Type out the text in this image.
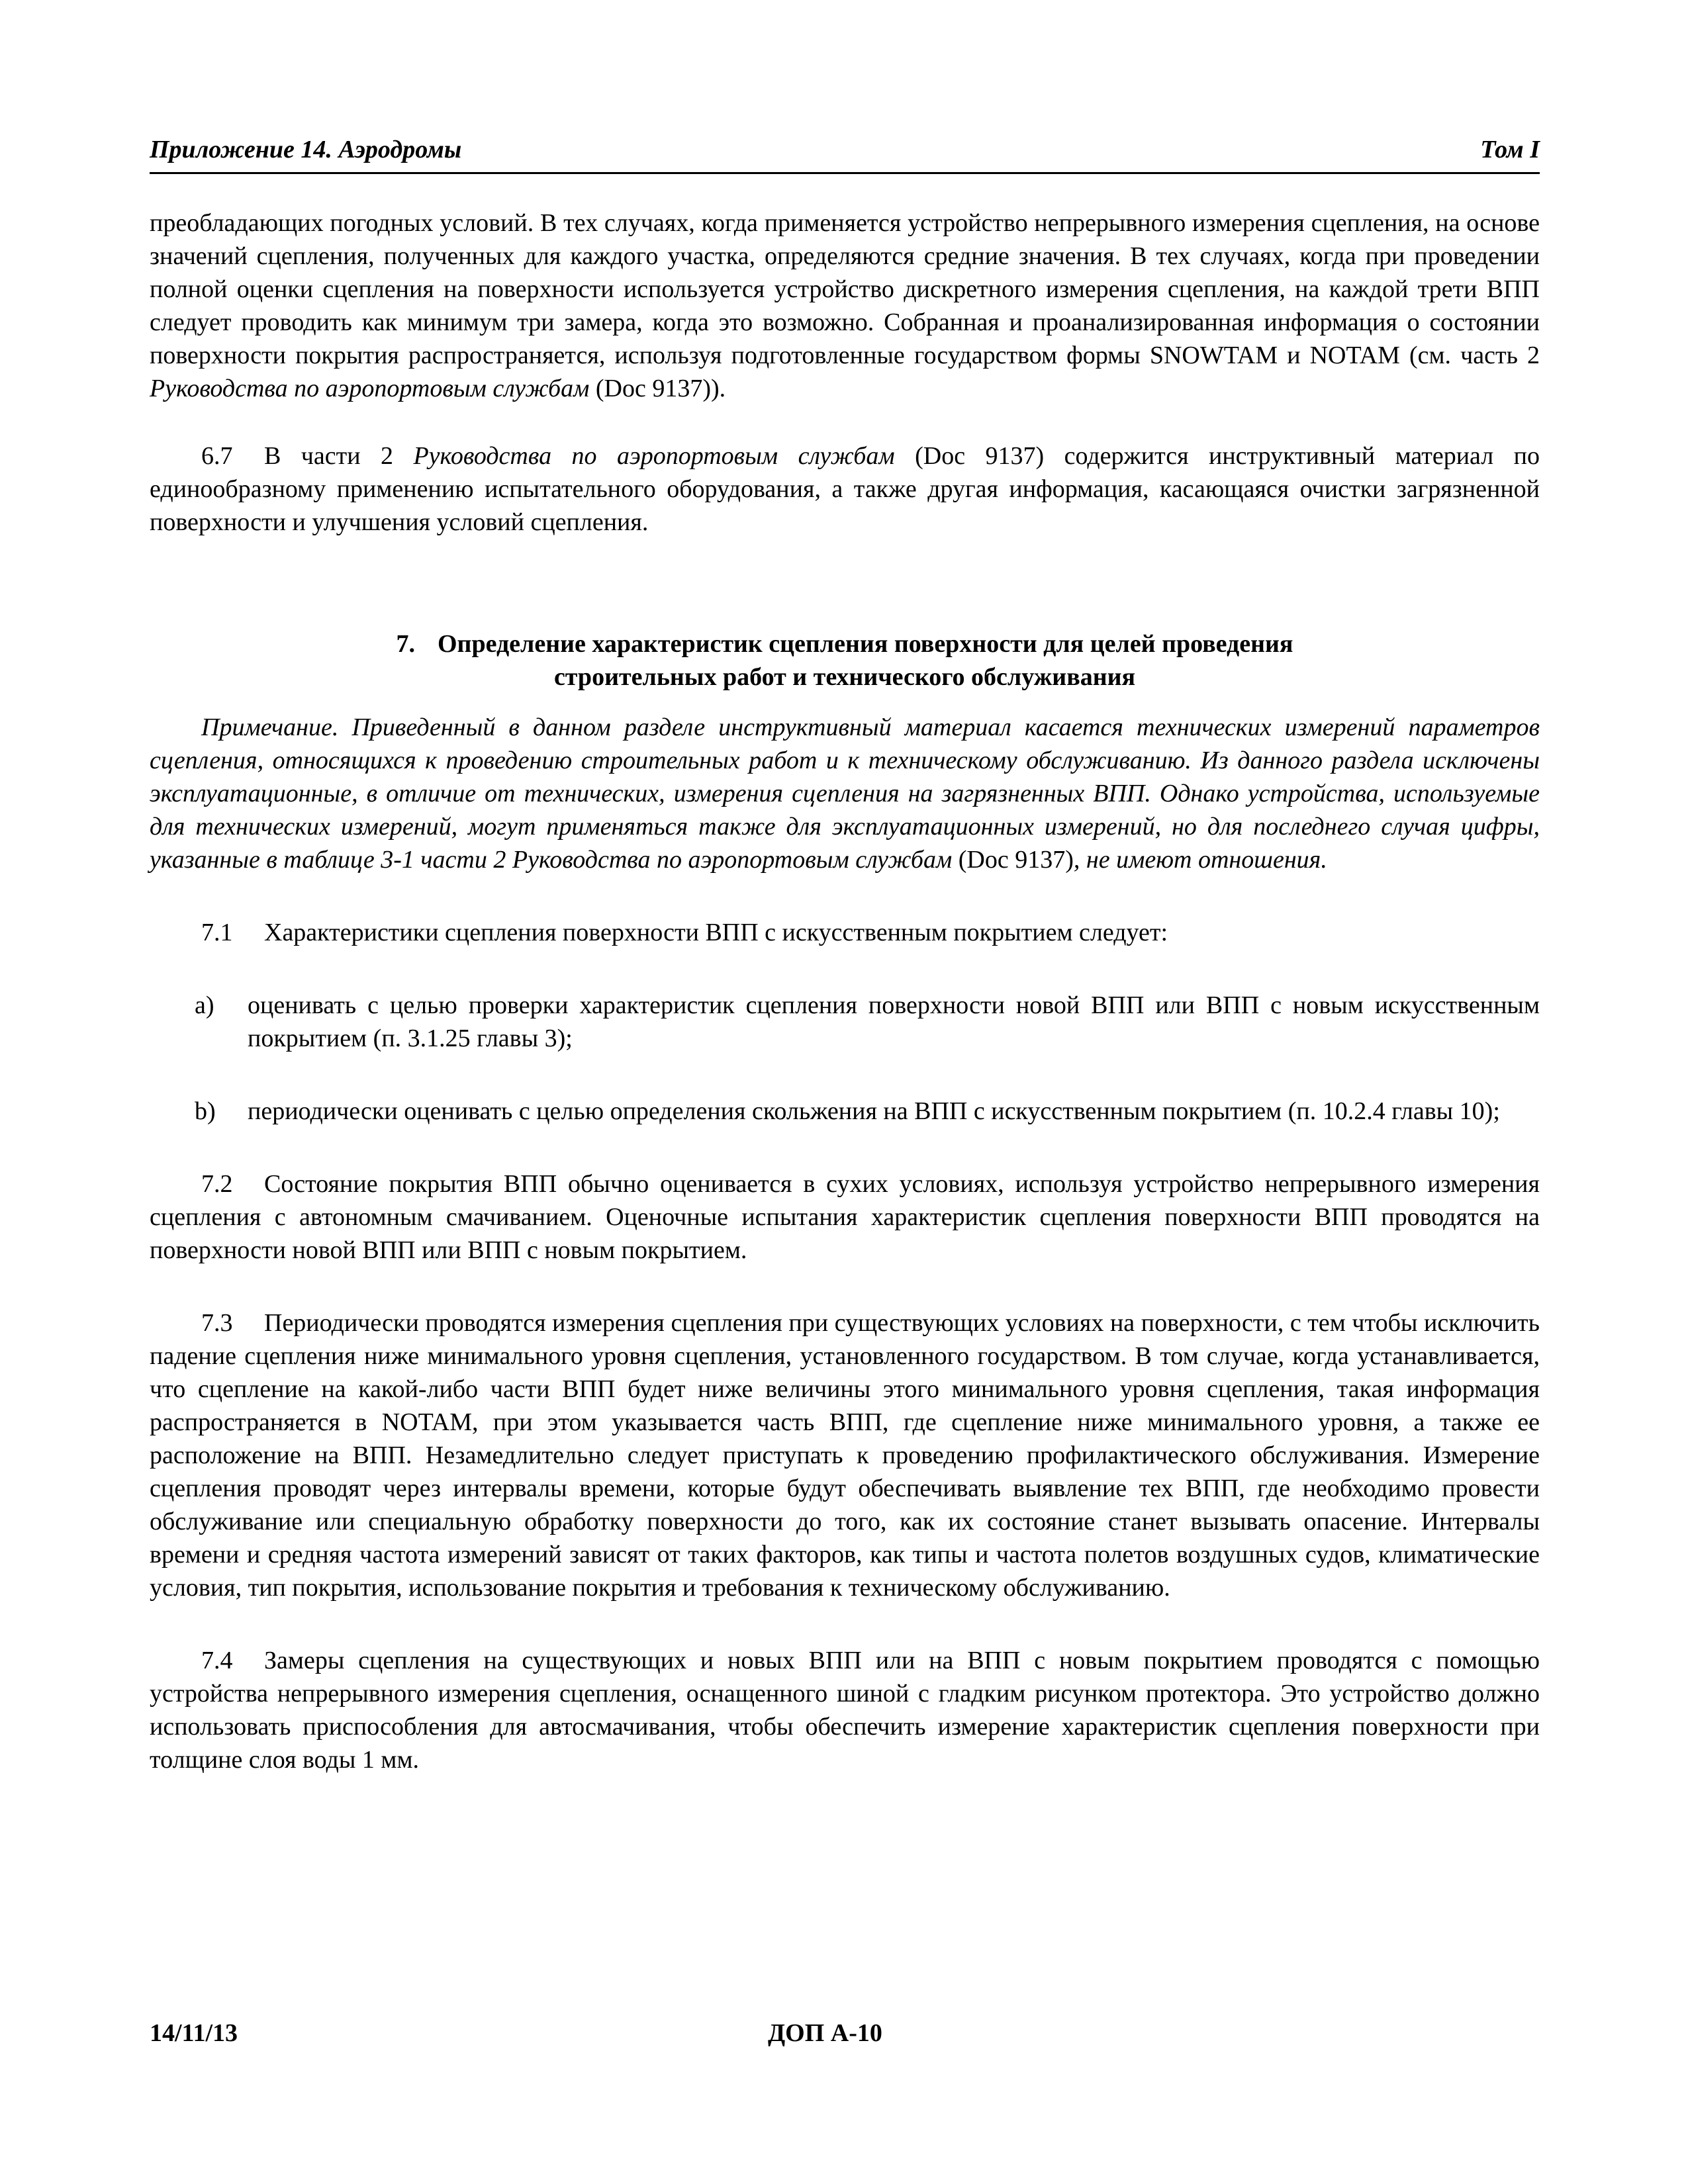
Приложение 14. Аэродромы	Том I

преобладающих погодных условий. В тех случаях, когда применяется устройство непрерывного измерения сцепления, на основе значений сцепления, полученных для каждого участка, определяются средние значения. В тех случаях, когда при проведении полной оценки сцепления на поверхности используется устройство дискретного измерения сцепления, на каждой трети ВПП следует проводить как минимум три замера, когда это возможно. Собранная и проанализированная информация о состоянии поверхности покрытия распространяется, используя подготовленные государством формы SNOWTAM и NOTAM (см. часть 2 Руководства по аэропортовым службам (Doc 9137)).

6.7 В части 2 Руководства по аэропортовым службам (Doc 9137) содержится инструктивный материал по единообразному применению испытательного оборудования, а также другая информация, касающаяся очистки загрязненной поверхности и улучшения условий сцепления.

7. Определение характеристик сцепления поверхности для целей проведения
строительных работ и технического обслуживания

Примечание. Приведенный в данном разделе инструктивный материал касается технических измерений параметров сцепления, относящихся к проведению строительных работ и к техническому обслуживанию. Из данного раздела исключены эксплуатационные, в отличие от технических, измерения сцепления на загрязненных ВПП. Однако устройства, используемые для технических измерений, могут применяться также для эксплуатационных измерений, но для последнего случая цифры, указанные в таблице 3-1 части 2 Руководства по аэропортовым службам (Doc 9137), не имеют отношения.

7.1 Характеристики сцепления поверхности ВПП с искусственным покрытием следует:

a) оценивать с целью проверки характеристик сцепления поверхности новой ВПП или ВПП с новым искусственным покрытием (п. 3.1.25 главы 3);
b) периодически оценивать с целью определения скольжения на ВПП с искусственным покрытием (п. 10.2.4 главы 10);

7.2 Состояние покрытия ВПП обычно оценивается в сухих условиях, используя устройство непрерывного измерения сцепления с автономным смачиванием. Оценочные испытания характеристик сцепления поверхности ВПП проводятся на поверхности новой ВПП или ВПП с новым покрытием.

7.3 Периодически проводятся измерения сцепления при существующих условиях на поверхности, с тем чтобы исключить падение сцепления ниже минимального уровня сцепления, установленного государством. В том случае, когда устанавливается, что сцепление на какой-либо части ВПП будет ниже величины этого минимального уровня сцепления, такая информация распространяется в NOTAM, при этом указывается часть ВПП, где сцепление ниже минимального уровня, а также ее расположение на ВПП. Незамедлительно следует приступать к проведению профилактического обслуживания. Измерение сцепления проводят через интервалы времени, которые будут обеспечивать выявление тех ВПП, где необходимо провести обслуживание или специальную обработку поверхности до того, как их состояние станет вызывать опасение. Интервалы времени и средняя частота измерений зависят от таких факторов, как типы и частота полетов воздушных судов, климатические условия, тип покрытия, использование покрытия и требования к техническому обслуживанию.

7.4 Замеры сцепления на существующих и новых ВПП или на ВПП с новым покрытием проводятся с помощью устройства непрерывного измерения сцепления, оснащенного шиной с гладким рисунком протектора. Это устройство должно использовать приспособления для автосмачивания, чтобы обеспечить измерение характеристик сцепления поверхности при толщине слоя воды 1 мм.

14/11/13	ДОП А-10
